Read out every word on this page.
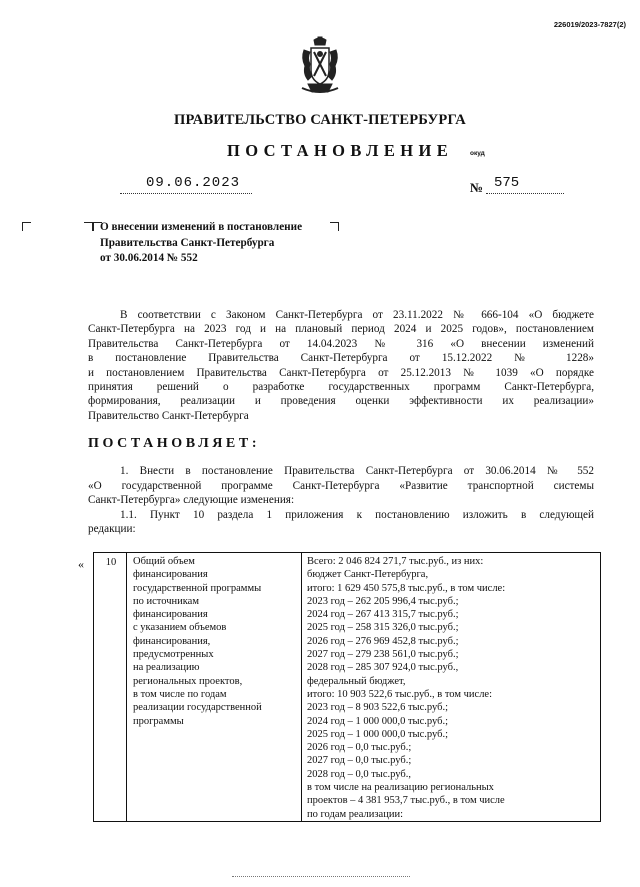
226019/2023-7827(2)
ПРАВИТЕЛЬСТВО САНКТ-ПЕТЕРБУРГА
ПОСТАНОВЛЕНИЕ	окуд
09.06.2023	№ 575
О внесении изменений в постановление
Правительства Санкт-Петербурга
от 30.06.2014 № 552
В соответствии с Законом Санкт-Петербурга от 23.11.2022 № 666-104 «О бюджете
Санкт-Петербурга на 2023 год и на плановый период 2024 и 2025 годов», постановлением
Правительства Санкт-Петербурга от 14.04.2023 № 316 «О внесении изменений
в постановление Правительства Санкт-Петербурга от 15.12.2022 № 1228»
и постановлением Правительства Санкт-Петербурга от 25.12.2013 № 1039 «О порядке
принятия решений о разработке государственных программ Санкт-Петербурга,
формирования, реализации и проведения оценки эффективности их реализации»
Правительство Санкт-Петербурга
ПОСТАНОВЛЯЕТ:
1. Внести в постановление Правительства Санкт-Петербурга от 30.06.2014 № 552
«О государственной программе Санкт-Петербурга «Развитие транспортной системы
Санкт-Петербурга» следующие изменения:
1.1. Пункт 10 раздела 1 приложения к постановлению изложить в следующей
редакции:
« 10	Общий объем
финансирования
государственной программы
по источникам
финансирования
с указанием объемов
финансирования,
предусмотренных
на реализацию
региональных проектов,
в том числе по годам
реализации государственной
программы

Всего: 2 046 824 271,7 тыс.руб., из них:
бюджет Санкт-Петербурга,
итого: 1 629 450 575,8 тыс.руб., в том числе:
2023 год – 262 205 996,4 тыс.руб.;
2024 год – 267 413 315,7 тыс.руб.;
2025 год – 258 315 326,0 тыс.руб.;
2026 год – 276 969 452,8 тыс.руб.;
2027 год – 279 238 561,0 тыс.руб.;
2028 год – 285 307 924,0 тыс.руб.,
федеральный бюджет,
итого: 10 903 522,6 тыс.руб., в том числе:
2023 год – 8 903 522,6 тыс.руб.;
2024 год – 1 000 000,0 тыс.руб.;
2025 год – 1 000 000,0 тыс.руб.;
2026 год – 0,0 тыс.руб.;
2027 год – 0,0 тыс.руб.;
2028 год – 0,0 тыс.руб.,
в том числе на реализацию региональных
проектов – 4 381 953,7 тыс.руб., в том числе
по годам реализации:
